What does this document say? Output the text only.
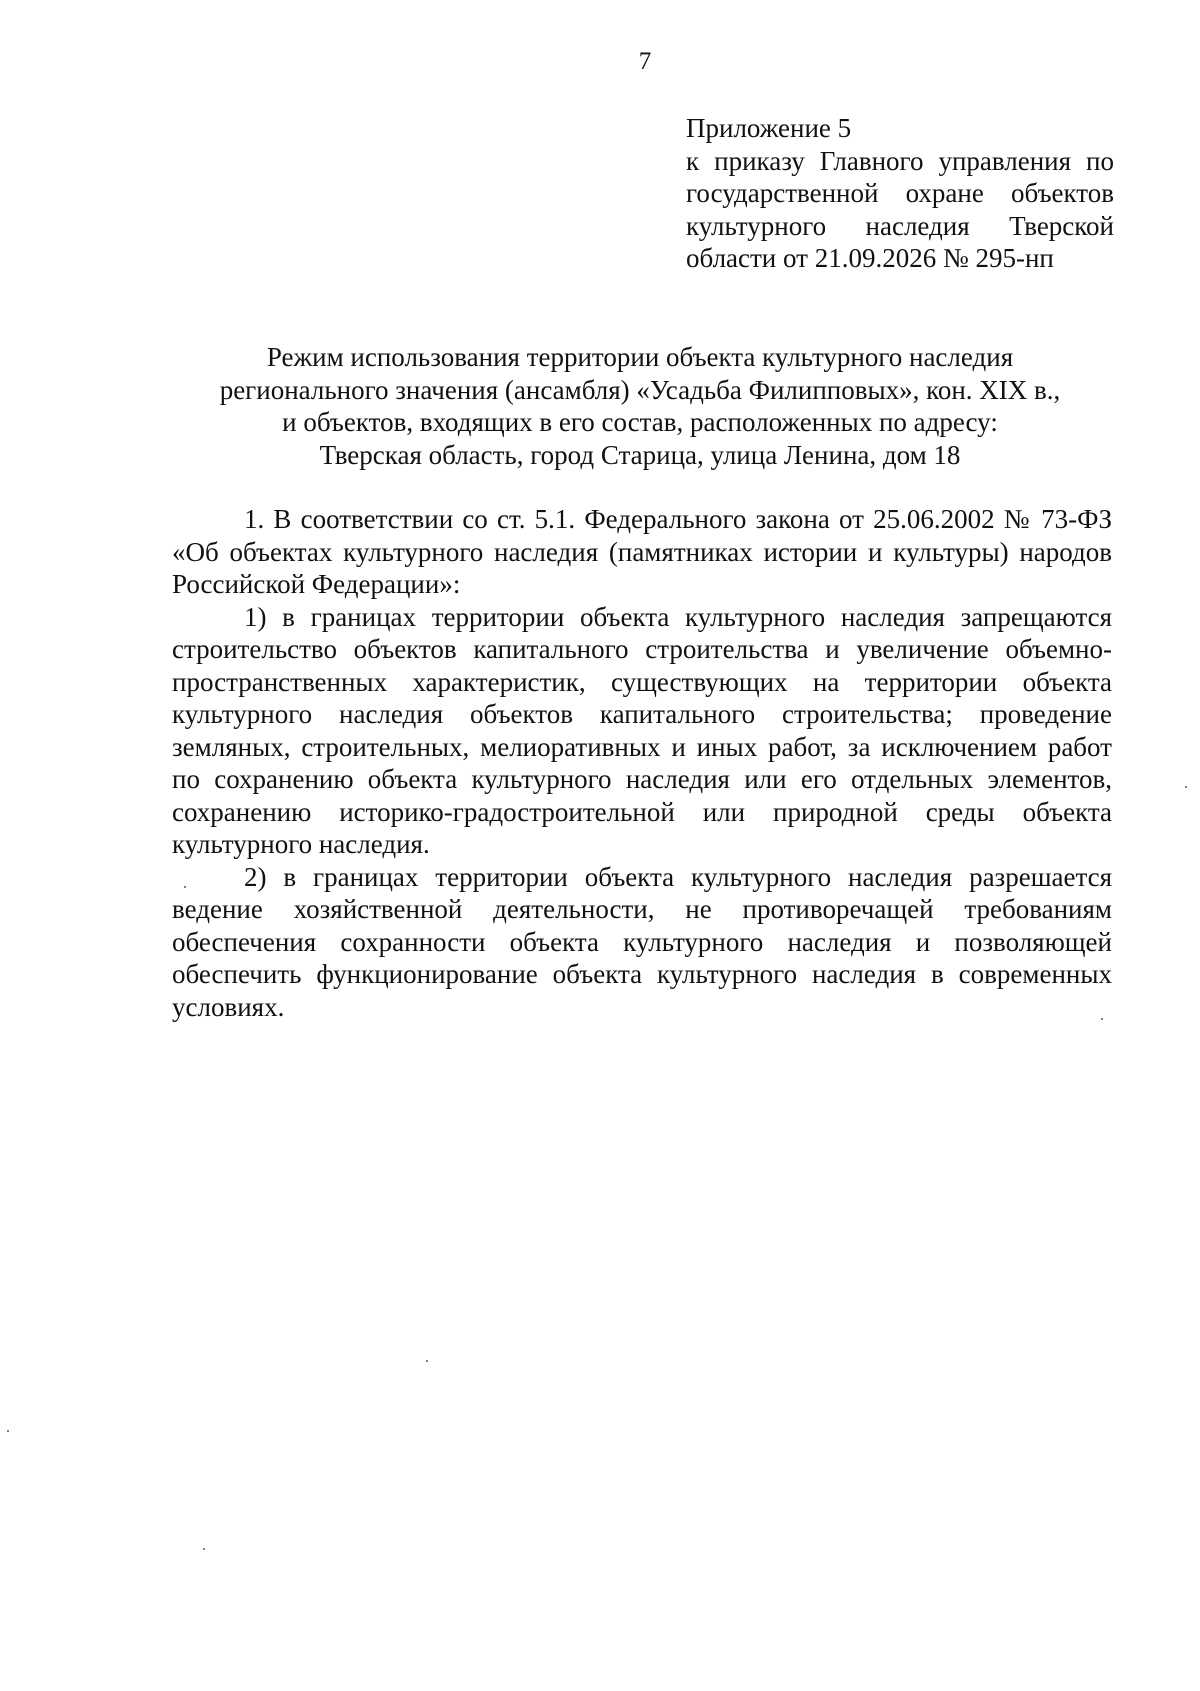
7
Приложение 5
к приказу Главного управления по государственной охране объектов культурного наследия Тверской области от 21.09.2026 № 295-нп
Режим использования территории объекта культурного наследия
регионального значения (ансамбля) «Усадьба Филипповых», кон. XIX в.,
и объектов, входящих в его состав, расположенных по адресу:
Тверская область, город Старица, улица Ленина, дом 18

1. В соответствии со ст. 5.1. Федерального закона от 25.06.2002 № 73-ФЗ «Об объектах культурного наследия (памятниках истории и культуры) народов Российской Федерации»:

1) в границах территории объекта культурного наследия запрещаются строительство объектов капитального строительства и увеличение объемно-пространственных характеристик, существующих на территории объекта культурного наследия объектов капитального строительства; проведение земляных, строительных, мелиоративных и иных работ, за исключением работ по сохранению объекта культурного наследия или его отдельных элементов, сохранению историко-градостроительной или природной среды объекта культурного наследия.

2) в границах территории объекта культурного наследия разрешается ведение хозяйственной деятельности, не противоречащей требованиям обеспечения сохранности объекта культурного наследия и позволяющей обеспечить функционирование объекта культурного наследия в современных условиях.
